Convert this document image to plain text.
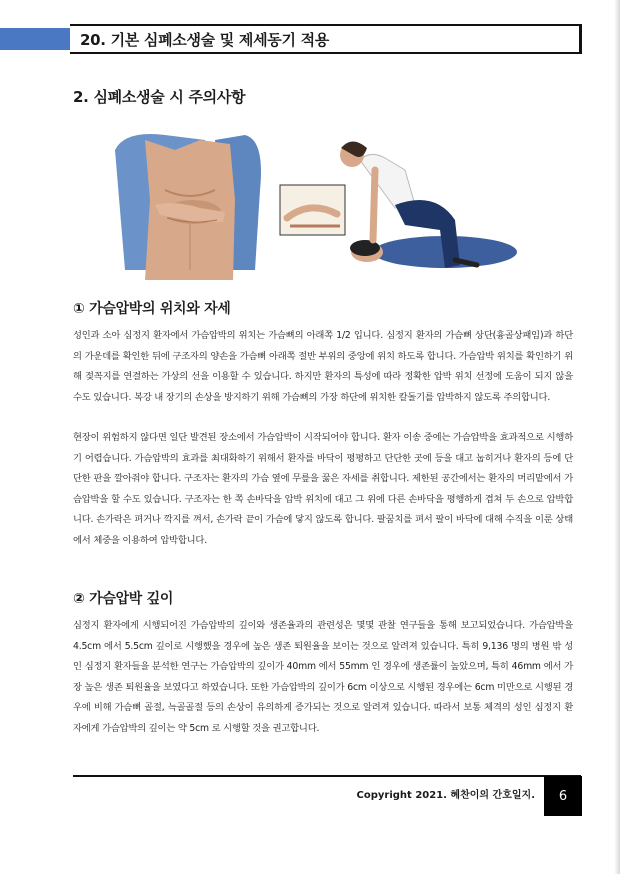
20. 기본 심폐소생술 및 제세동기 적용
2. 심폐소생술 시 주의사항
① 가슴압박의 위치와 자세
성인과 소아 심정지 환자에서 가슴압박의 위치는 가슴뼈의 아래쪽 1/2 입니다. 심정지 환자의 가슴뼈 상단(흉골상패임)과 하단의 가운데를 확인한 뒤에 구조자의 양손을 가슴뼈 아래쪽 절반 부위의 중앙에 위치 하도록 합니다. 가슴압박 위치를 확인하기 위해 젖꼭지를 연결하는 가상의 선을 이용할 수 있습니다. 하지만 환자의 특성에 따라 정확한 압박 위치 선정에 도움이 되지 않을 수도 있습니다. 복강 내 장기의 손상을 방지하기 위해 가슴뼈의 가장 하단에 위치한 칼돌기를 압박하지 않도록 주의합니다.
현장이 위험하지 않다면 일단 발견된 장소에서 가슴압박이 시작되어야 합니다. 환자 이송 중에는 가슴압박을 효과적으로 시행하기 어렵습니다. 가슴압박의 효과를 최대화하기 위해서 환자를 바닥이 평평하고 단단한 곳에 등을 대고 눕히거나 환자의 등에 단단한 판을 깔아줘야 합니다. 구조자는 환자의 가슴 옆에 무릎을 꿇은 자세를 취합니다. 제한된 공간에서는 환자의 머리맡에서 가슴압박을 할 수도 있습니다. 구조자는 한 쪽 손바닥을 압박 위치에 대고 그 위에 다른 손바닥을 평행하게 겹쳐 두 손으로 압박합니다. 손가락은 펴거나 깍지를 껴서, 손가락 끝이 가슴에 닿지 않도록 합니다. 팔꿈치를 펴서 팔이 바닥에 대해 수직을 이룬 상태에서 체중을 이용하여 압박합니다.
② 가슴압박 깊이
심정지 환자에게 시행되어진 가슴압박의 깊이와 생존율과의 관련성은 몇몇 관찰 연구들을 통해 보고되었습니다. 가슴압박을 4.5cm 에서 5.5cm 깊이로 시행했을 경우에 높은 생존 퇴원율을 보이는 것으로 알려져 있습니다. 특히 9,136 명의 병원 밖 성인 심정지 환자들을 분석한 연구는 가슴압박의 깊이가 40mm 에서 55mm 인 경우에 생존률이 높았으며, 특히 46mm 에서 가장 높은 생존 퇴원율을 보였다고 하였습니다. 또한 가슴압박의 깊이가 6cm 이상으로 시행된 경우에는 6cm 미만으로 시행된 경우에 비해 가슴뼈 골절, 늑골골절 등의 손상이 유의하게 증가되는 것으로 알려져 있습니다. 따라서 보통 체격의 성인 심정지 환자에게 가슴압박의 깊이는 약 5cm 로 시행할 것을 권고합니다.
Copyright 2021. 혜찬이의 간호일지.	6
